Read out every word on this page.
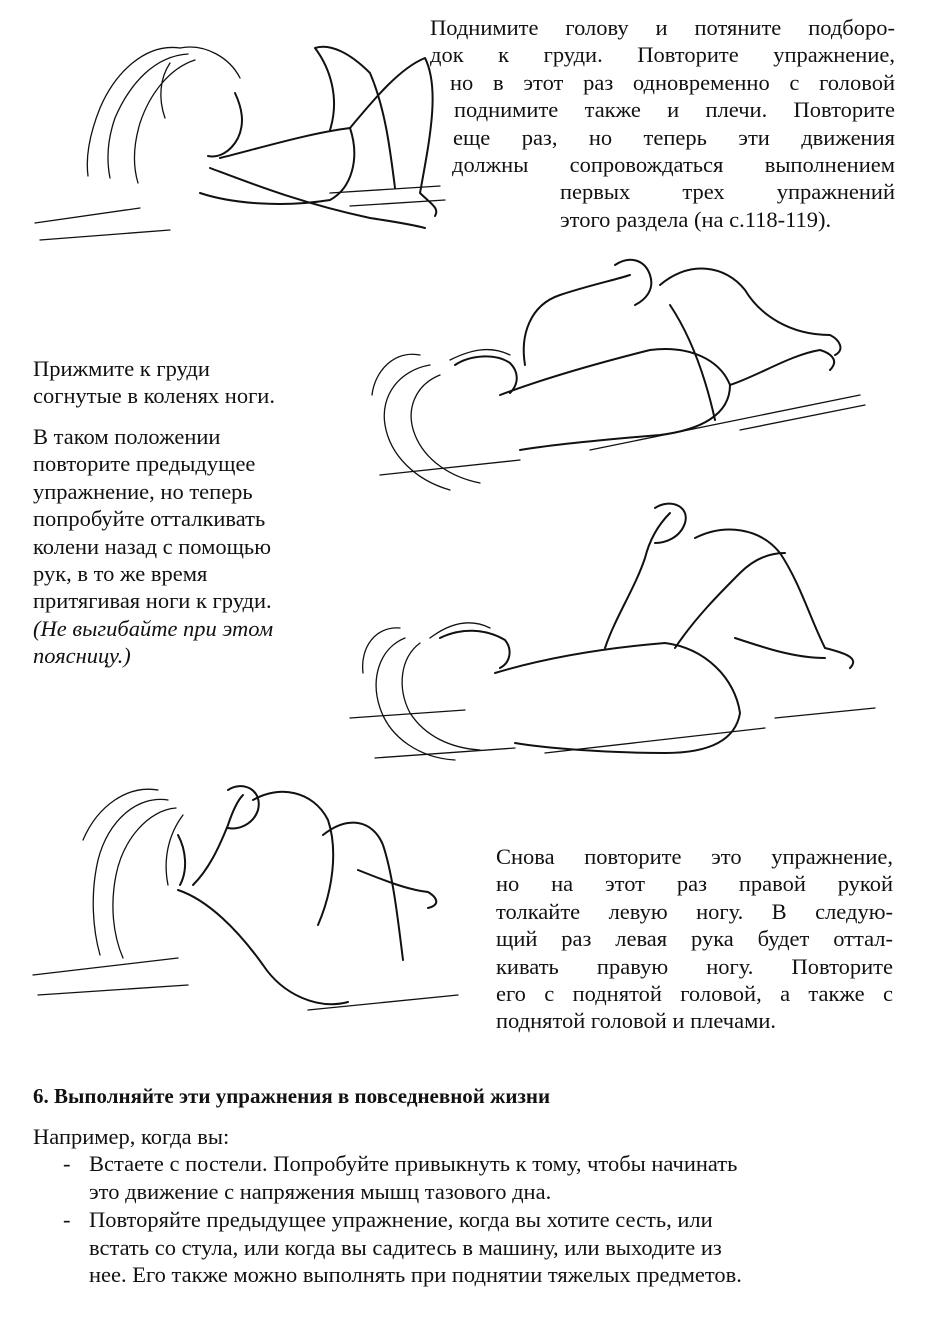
Поднимите голову и потяните подборо-
док к груди. Повторите упражнение,
но в этот раз одновременно с головой
поднимите также и плечи. Повторите
еще раз, но теперь эти движения
должны сопровождаться выполнением
первых трех упражнений
этого раздела (на с.118-119).
Прижмите к груди
согнутые в коленях ноги.
В таком положении
повторите предыдущее
упражнение, но теперь
попробуйте отталкивать
колени назад с помощью
рук, в то же время
притягивая ноги к груди.
(Не выгибайте при этом
поясницу.)
Снова повторите это упражнение,
но на этот раз правой рукой
толкайте левую ногу. В следую-
щий раз левая рука будет оттал-
кивать правую ногу. Повторите
его с поднятой головой, а также с
поднятой головой и плечами.
6. Выполняйте эти упражнения в повседневной жизни

Например, когда вы:

- Встаете с постели. Попробуйте привыкнуть к тому, чтобы начинать
это движение с напряжения мышц тазового дна.
- Повторяйте предыдущее упражнение, когда вы хотите сесть, или
встать со стула, или когда вы садитесь в машину, или выходите из
нее. Его также можно выполнять при поднятии тяжелых предметов.
